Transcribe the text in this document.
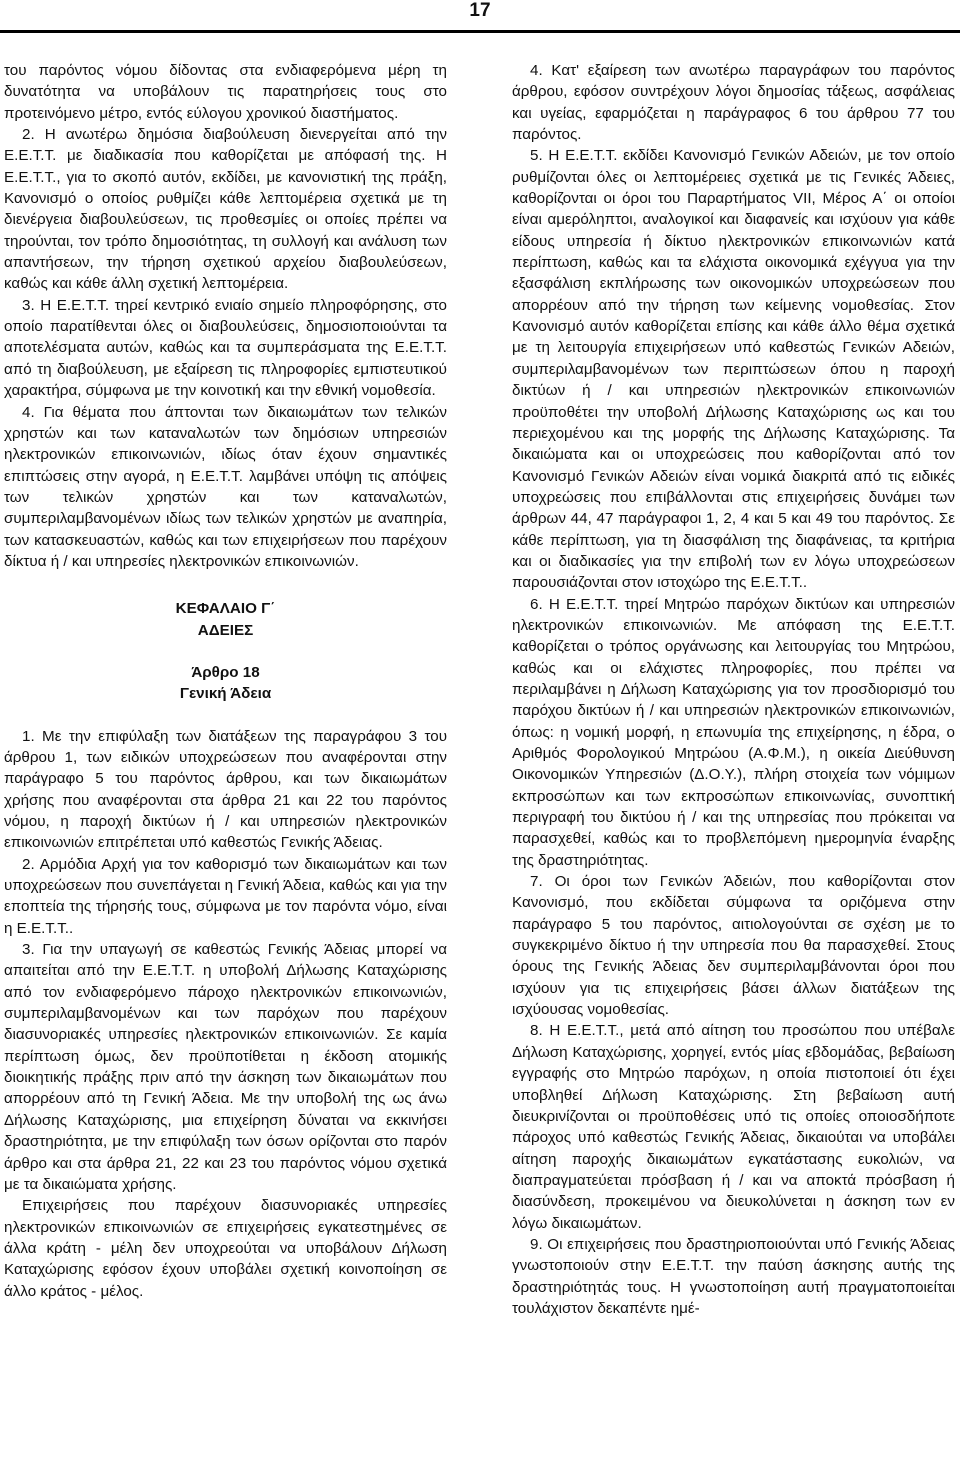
17

του παρόντος νόμου δίδοντας στα ενδιαφερόμενα μέρη τη δυνατότητα να υποβάλουν τις παρατηρήσεις τους στο προτεινόμενο μέτρο, εντός εύλογου χρονικού διαστήματος.

2. Η ανωτέρω δημόσια διαβούλευση διενεργείται από την Ε.Ε.Τ.Τ. με διαδικασία που καθορίζεται με απόφασή της. Η Ε.Ε.Τ.Τ., για το σκοπό αυτόν, εκδίδει, με κανονιστική της πράξη, Κανονισμό ο οποίος ρυθμίζει κάθε λεπτομέρεια σχετικά με τη διενέργεια διαβουλεύσεων, τις προθεσμίες οι οποίες πρέπει να τηρούνται, τον τρόπο δημοσιότητας, τη συλλογή και ανάλυση των απαντήσεων, την τήρηση σχετικού αρχείου διαβουλεύσεων, καθώς και κάθε άλλη σχετική λεπτομέρεια.

3. Η Ε.Ε.Τ.Τ. τηρεί κεντρικό ενιαίο σημείο πληροφόρησης, στο οποίο παρατίθενται όλες οι διαβουλεύσεις, δημοσιοποιούνται τα αποτελέσματα αυτών, καθώς και τα συμπεράσματα της Ε.Ε.Τ.Τ. από τη διαβούλευση, με εξαίρεση τις πληροφορίες εμπιστευτικού χαρακτήρα, σύμφωνα με την κοινοτική και την εθνική νομοθεσία.

4. Για θέματα που άπτονται των δικαιωμάτων των τελικών χρηστών και των καταναλωτών των δημόσιων υπηρεσιών ηλεκτρονικών επικοινωνιών, ιδίως όταν έχουν σημαντικές επιπτώσεις στην αγορά, η Ε.Ε.Τ.Τ. λαμβάνει υπόψη τις απόψεις των τελικών χρηστών και των καταναλωτών, συμπεριλαμβανομένων ιδίως των τελικών χρηστών με αναπηρία, των κατασκευαστών, καθώς και των επιχειρήσεων που παρέχουν δίκτυα ή / και υπηρεσίες ηλεκτρονικών επικοινωνιών.

ΚΕΦΑΛΑΙΟ Γ΄
ΑΔΕΙΕΣ
Άρθρο 18
Γενική Άδεια

1. Με την επιφύλαξη των διατάξεων της παραγράφου 3 του άρθρου 1, των ειδικών υποχρεώσεων που αναφέρονται στην παράγραφο 5 του παρόντος άρθρου, και των δικαιωμάτων χρήσης που αναφέρονται στα άρθρα 21 και 22 του παρόντος νόμου, η παροχή δικτύων ή / και υπηρεσιών ηλεκτρονικών επικοινωνιών επιτρέπεται υπό καθεστώς Γενικής Άδειας.

2. Αρμόδια Αρχή για τον καθορισμό των δικαιωμάτων και των υποχρεώσεων που συνεπάγεται η Γενική Άδεια, καθώς και για την εποπτεία της τήρησής τους, σύμφωνα με τον παρόντα νόμο, είναι η Ε.Ε.Τ.Τ..

3. Για την υπαγωγή σε καθεστώς Γενικής Άδειας μπορεί να απαιτείται από την Ε.Ε.Τ.Τ. η υποβολή Δήλωσης Καταχώρισης από τον ενδιαφερόμενο πάροχο ηλεκτρονικών επικοινωνιών, συμπεριλαμβανομένων και των παρόχων που παρέχουν διασυνοριακές υπηρεσίες ηλεκτρονικών επικοινωνιών. Σε καμία περίπτωση όμως, δεν προϋποτίθεται η έκδοση ατομικής διοικητικής πράξης πριν από την άσκηση των δικαιωμάτων που απορρέουν από τη Γενική Άδεια. Με την υποβολή της ως άνω Δήλωσης Καταχώρισης, μια επιχείρηση δύναται να εκκινήσει δραστηριότητα, με την επιφύλαξη των όσων ορίζονται στο παρόν άρθρο και στα άρθρα 21, 22 και 23 του παρόντος νόμου σχετικά με τα δικαιώματα χρήσης.

Επιχειρήσεις που παρέχουν διασυνοριακές υπηρεσίες ηλεκτρονικών επικοινωνιών σε επιχειρήσεις εγκατεστημένες σε άλλα κράτη - μέλη δεν υποχρεούται να υποβάλουν Δήλωση Καταχώρισης εφόσον έχουν υποβάλει σχετική κοινοποίηση σε άλλο κράτος - μέλος.

4. Κατ' εξαίρεση των ανωτέρω παραγράφων του παρόντος άρθρου, εφόσον συντρέχουν λόγοι δημοσίας τάξεως, ασφάλειας και υγείας, εφαρμόζεται η παράγραφος 6 του άρθρου 77 του παρόντος.

5. Η Ε.Ε.Τ.Τ. εκδίδει Κανονισμό Γενικών Αδειών, με τον οποίο ρυθμίζονται όλες οι λεπτομέρειες σχετικά με τις Γενικές Άδειες, καθορίζονται οι όροι του Παραρτήματος VII, Μέρος Α΄ οι οποίοι είναι αμερόληπτοι, αναλογικοί και διαφανείς και ισχύουν για κάθε είδους υπηρεσία ή δίκτυο ηλεκτρονικών επικοινωνιών κατά περίπτωση, καθώς και τα ελάχιστα οικονομικά εχέγγυα για την εξασφάλιση εκπλήρωσης των οικονομικών υποχρεώσεων που απορρέουν από την τήρηση των κείμενης νομοθεσίας. Στον Κανονισμό αυτόν καθορίζεται επίσης και κάθε άλλο θέμα σχετικά με τη λειτουργία επιχειρήσεων υπό καθεστώς Γενικών Αδειών, συμπεριλαμβανομένων των περιπτώσεων όπου η παροχή δικτύων ή / και υπηρεσιών ηλεκτρονικών επικοινωνιών προϋποθέτει την υποβολή Δήλωσης Καταχώρισης ως και του περιεχομένου και της μορφής της Δήλωσης Καταχώρισης. Τα δικαιώματα και οι υποχρεώσεις που καθορίζονται από τον Κανονισμό Γενικών Αδειών είναι νομικά διακριτά από τις ειδικές υποχρεώσεις που επιβάλλονται στις επιχειρήσεις δυνάμει των άρθρων 44, 47 παράγραφοι 1, 2, 4 και 5 και 49 του παρόντος. Σε κάθε περίπτωση, για τη διασφάλιση της διαφάνειας, τα κριτήρια και οι διαδικασίες για την επιβολή των εν λόγω υποχρεώσεων παρουσιάζονται στον ιστοχώρο της Ε.Ε.Τ.Τ..

6. Η Ε.Ε.Τ.Τ. τηρεί Μητρώο παρόχων δικτύων και υπηρεσιών ηλεκτρονικών επικοινωνιών. Με απόφαση της Ε.Ε.Τ.Τ. καθορίζεται ο τρόπος οργάνωσης και λειτουργίας του Μητρώου, καθώς και οι ελάχιστες πληροφορίες, που πρέπει να περιλαμβάνει η Δήλωση Καταχώρισης για τον προσδιορισμό του παρόχου δικτύων ή / και υπηρεσιών ηλεκτρονικών επικοινωνιών, όπως: η νομική μορφή, η επωνυμία της επιχείρησης, η έδρα, ο Αριθμός Φορολογικού Μητρώου (Α.Φ.Μ.), η οικεία Διεύθυνση Οικονομικών Υπηρεσιών (Δ.Ο.Υ.), πλήρη στοιχεία των νόμιμων εκπροσώπων και των εκπροσώπων επικοινωνίας, συνοπτική περιγραφή του δικτύου ή / και της υπηρεσίας που πρόκειται να παρασχεθεί, καθώς και το προβλεπόμενη ημερομηνία έναρξης της δραστηριότητας.

7. Οι όροι των Γενικών Άδειών, που καθορίζονται στον Κανονισμό, που εκδίδεται σύμφωνα τα οριζόμενα στην παράγραφο 5 του παρόντος, αιτιολογούνται σε σχέση με το συγκεκριμένο δίκτυο ή την υπηρεσία που θα παρασχεθεί. Στους όρους της Γενικής Άδειας δεν συμπεριλαμβάνονται όροι που ισχύουν για τις επιχειρήσεις βάσει άλλων διατάξεων της ισχύουσας νομοθεσίας.

8. Η Ε.Ε.Τ.Τ., μετά από αίτηση του προσώπου που υπέβαλε Δήλωση Καταχώρισης, χορηγεί, εντός μίας εβδομάδας, βεβαίωση εγγραφής στο Μητρώο παρόχων, η οποία πιστοποιεί ότι έχει υποβληθεί Δήλωση Καταχώρισης. Στη βεβαίωση αυτή διευκρινίζονται οι προϋποθέσεις υπό τις οποίες οποιοσδήποτε πάροχος υπό καθεστώς Γενικής Άδειας, δικαιούται να υποβάλει αίτηση παροχής δικαιωμάτων εγκατάστασης ευκολιών, να διαπραγματεύεται πρόσβαση ή / και να αποκτά πρόσβαση ή διασύνδεση, προκειμένου να διευκολύνεται η άσκηση των εν λόγω δικαιωμάτων.

9. Οι επιχειρήσεις που δραστηριοποιούνται υπό Γενικής Άδειας γνωστοποιούν στην Ε.Ε.Τ.Τ. την παύση άσκησης αυτής της δραστηριότητάς τους. Η γνωστοποίηση αυτή πραγματοποιείται τουλάχιστον δεκαπέντε ημέ-
